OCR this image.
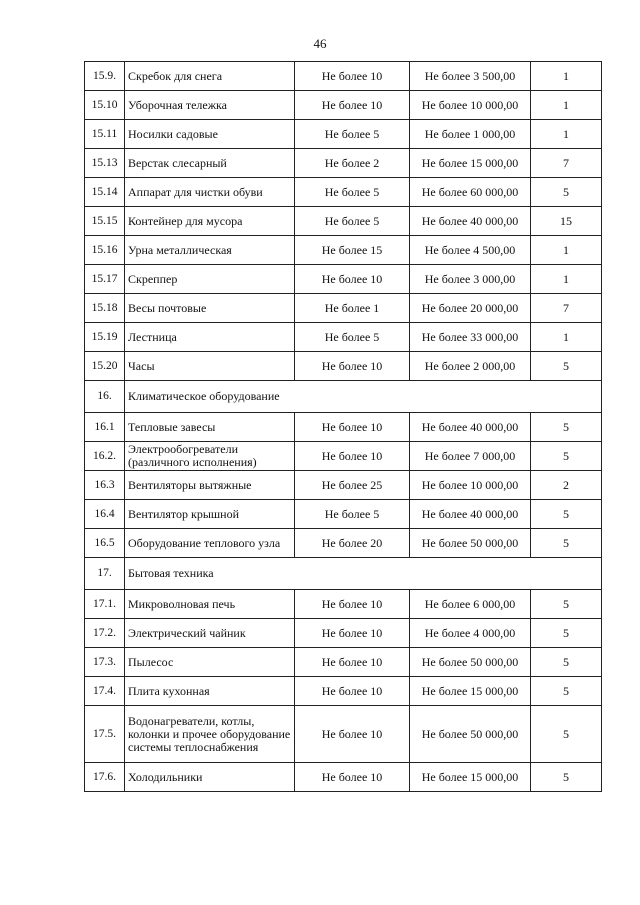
46
15.9.	Скребок для снега	Не более 10	Не более 3 500,00	1
15.10	Уборочная тележка	Не более 10	Не более 10 000,00	1
15.11	Носилки садовые	Не более 5	Не более 1 000,00	1
15.13	Верстак слесарный	Не более 2	Не более 15 000,00	7
15.14	Аппарат для чистки обуви	Не более 5	Не более 60 000,00	5
15.15	Контейнер для мусора	Не более 5	Не более 40 000,00	15
15.16	Урна металлическая	Не более 15	Не более 4 500,00	1
15.17	Скреппер	Не более 10	Не более 3 000,00	1
15.18	Весы почтовые	Не более 1	Не более 20 000,00	7
15.19	Лестница	Не более 5	Не более 33 000,00	1
15.20	Часы	Не более 10	Не более 2 000,00	5
16.	Климатическое оборудование			
16.1	Тепловые завесы	Не более 10	Не более 40 000,00	5
16.2.	Электрообогреватели (различного исполнения)	Не более 10	Не более 7 000,00	5
16.3	Вентиляторы вытяжные	Не более 25	Не более 10 000,00	2
16.4	Вентилятор крышной	Не более 5	Не более 40 000,00	5
16.5	Оборудование теплового узла	Не более 20	Не более 50 000,00	5
17.	Бытовая техника			
17.1.	Микроволновая печь	Не более 10	Не более 6 000,00	5
17.2.	Электрический чайник	Не более 10	Не более 4 000,00	5
17.3.	Пылесос	Не более 10	Не более 50 000,00	5
17.4.	Плита кухонная	Не более 10	Не более 15 000,00	5
17.5.	Водонагреватели, котлы, колонки и прочее оборудование системы теплоснабжения	Не более 10	Не более 50 000,00	5
17.6.	Холодильники	Не более 10	Не более 15 000,00	5
